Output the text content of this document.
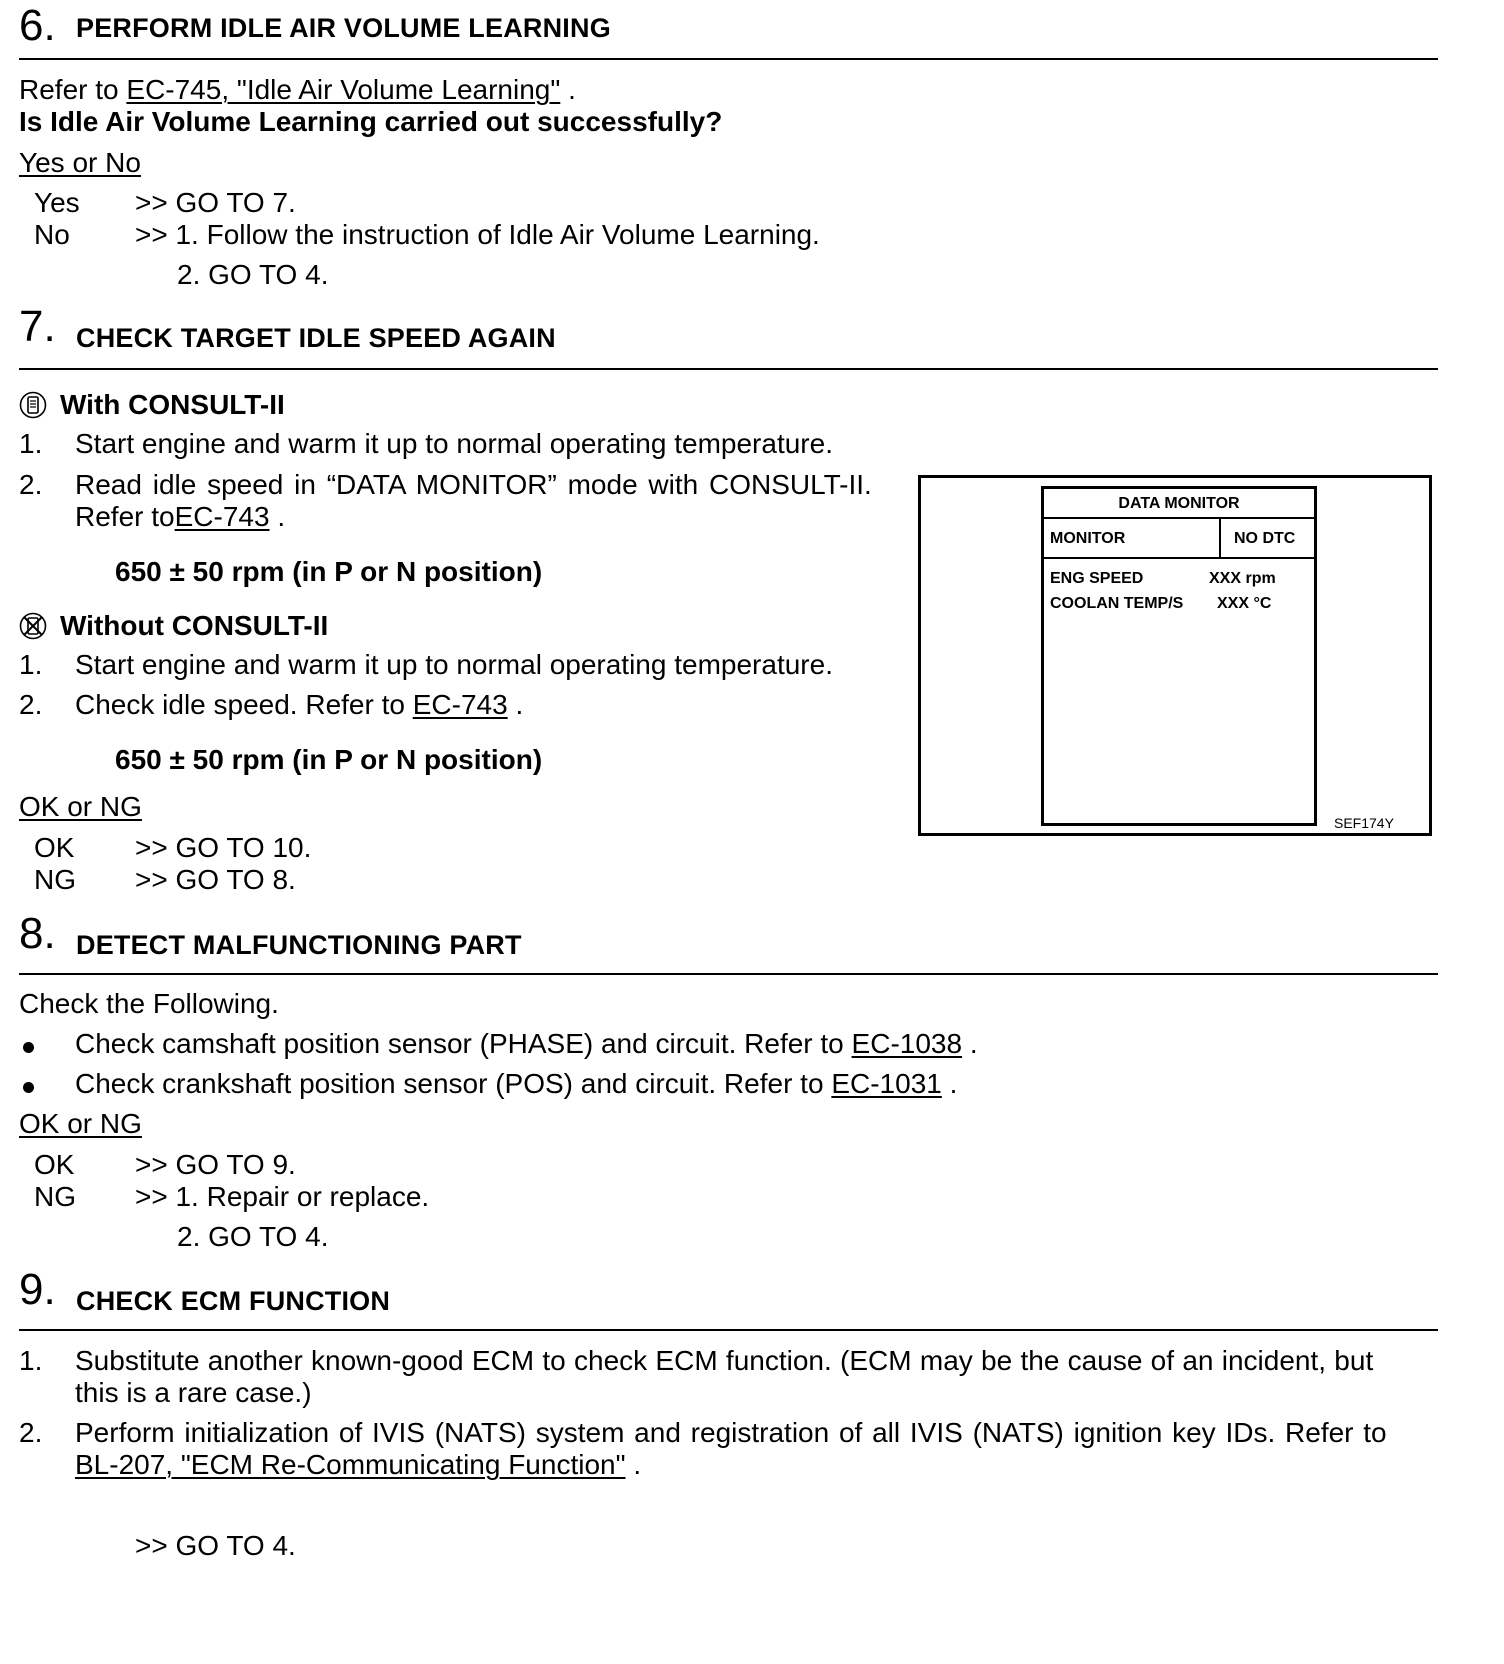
6. PERFORM IDLE AIR VOLUME LEARNING
Refer to EC-745, "Idle Air Volume Learning" .
Is Idle Air Volume Learning carried out successfully?
Yes or No
Yes >> GO TO 7.
No >> 1. Follow the instruction of Idle Air Volume Learning.
2. GO TO 4.
7. CHECK TARGET IDLE SPEED AGAIN
With CONSULT-II
1. Start engine and warm it up to normal operating temperature.
2. Read idle speed in “DATA MONITOR” mode with CONSULT-II.
Refer toEC-743 .
650 ± 50 rpm (in P or N position)
Without CONSULT-II
1. Start engine and warm it up to normal operating temperature.
2. Check idle speed. Refer to EC-743 .
650 ± 50 rpm (in P or N position)
OK or NG
OK >> GO TO 10.
NG >> GO TO 8.
DATA MONITOR
MONITOR	NO DTC
ENG SPEED	XXX rpm
COOLAN TEMP/S XXX °C
SEF174Y
8. DETECT MALFUNCTIONING PART
Check the Following.
Check camshaft position sensor (PHASE) and circuit. Refer to EC-1038 .
Check crankshaft position sensor (POS) and circuit. Refer to EC-1031 .
OK or NG
OK >> GO TO 9.
NG >> 1. Repair or replace.
2. GO TO 4.
9. CHECK ECM FUNCTION
1. Substitute another known-good ECM to check ECM function. (ECM may be the cause of an incident, but
this is a rare case.)
2. Perform initialization of IVIS (NATS) system and registration of all IVIS (NATS) ignition key IDs. Refer to
BL-207, "ECM Re-Communicating Function" .
>> GO TO 4.
